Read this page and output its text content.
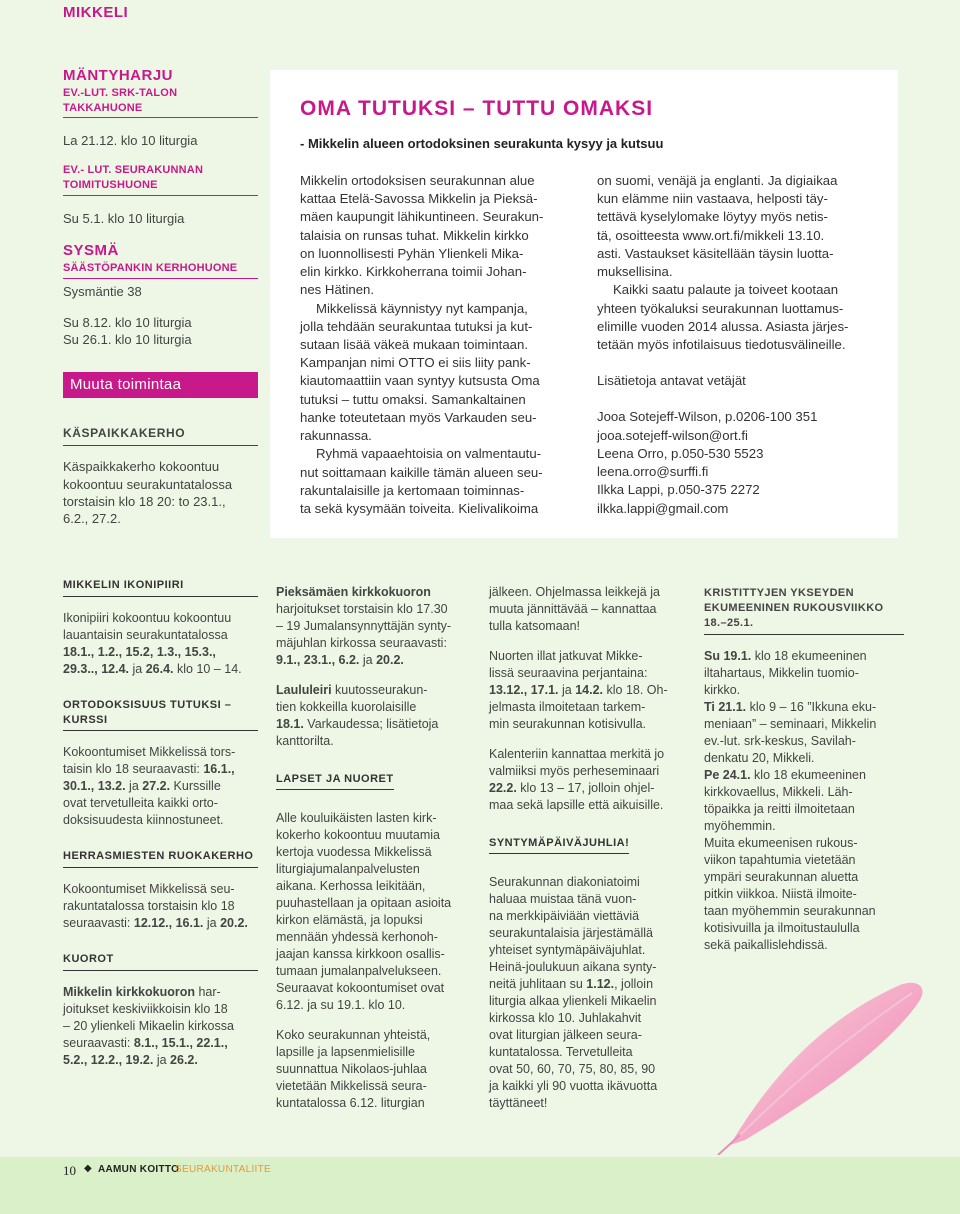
MIKKELI
MÄNTYHARJU
EV.-LUT. SRK-TALON TAKKAHUONE
La 21.12. klo 10 liturgia
EV.- LUT. SEURAKUNNAN
TOIMITUSHUONE
Su 5.1. klo 10 liturgia
SYSMÄ
SÄÄSTÖPANKIN KERHOHUONE
Sysmäntie 38
Su 8.12. klo 10 liturgia
Su 26.1. klo 10 liturgia
Muuta toimintaa
KÄSPAIKKAKERHO
Käspaikkakerho kokoontuu
kokoontuu seurakuntatalossa
torstaisin klo 18 20: to 23.1.,
6.2., 27.2.
OMA TUTUKSI – TUTTU OMAKSI
- Mikkelin alueen ortodoksinen seurakunta kysyy ja kutsuu
Mikkelin ortodoksisen seurakunnan alue
kattaa Etelä-Savossa Mikkelin ja Pieksä-
mäen kaupungit lähikuntineen. Seurakun-
talaisia on runsas tuhat. Mikkelin kirkko
on luonnollisesti Pyhän Ylienkeli Mika-
elin kirkko. Kirkkoherrana toimii Johan-
nes Hätinen.
Mikkelissä käynnistyy nyt kampanja,
jolla tehdään seurakuntaa tutuksi ja kut-
sutaan lisää väkeä mukaan toimintaan.
Kampanjan nimi OTTO ei siis liity pank-
kiautomaattiin vaan syntyy kutsusta Oma
tutuksi – tuttu omaksi. Samankaltainen
hanke toteutetaan myös Varkauden seu-
rakunnassa.
Ryhmä vapaaehtoisia on valmentautu-
nut soittamaan kaikille tämän alueen seu-
rakuntalaisille ja kertomaan toiminnas-
ta sekä kysymään toiveita. Kielivalikoima
on suomi, venäjä ja englanti. Ja digiaikaa
kun elämme niin vastaava, helposti täy-
tettävä kyselylomake löytyy myös netis-
tä, osoitteesta www.ort.fi/mikkeli 13.10.
asti. Vastaukset käsitellään täysin luotta-
muksellisina.
Kaikki saatu palaute ja toiveet kootaan
yhteen työkaluksi seurakunnan luottamus-
elimille vuoden 2014 alussa. Asiasta järjes-
tetään myös infotilaisuus tiedotusvälineille.
Lisätietoja antavat vetäjät
Jooa Sotejeff-Wilson, p.0206-100 351
jooa.sotejeff-wilson@ort.fi
Leena Orro, p.050-530 5523
leena.orro@surffi.fi
Ilkka Lappi, p.050-375 2272
ilkka.lappi@gmail.com
MIKKELIN IKONIPIIRI
Ikonipiiri kokoontuu kokoontuu
lauantaisin seurakuntatalossa
18.1., 1.2., 15.2, 1.3., 15.3.,
29.3.., 12.4. ja 26.4. klo 10 – 14.
ORTODOKSISUUS TUTUKSI –
KURSSI
Kokoontumiset Mikkelissä tors-
taisin klo 18 seuraavasti: 16.1.,
30.1., 13.2. ja 27.2. Kurssille
ovat tervetulleita kaikki orto-
doksisuudesta kiinnostuneet.
HERRASMIESTEN RUOKAKERHO
Kokoontumiset Mikkelissä seu-
rakuntatalossa torstaisin klo 18
seuraavasti: 12.12., 16.1. ja 20.2.
KUOROT
Mikkelin kirkkokuoron har-
joitukset keskiviikkoisin klo 18
– 20 ylienkeli Mikaelin kirkossa
seuraavasti: 8.1., 15.1., 22.1.,
5.2., 12.2., 19.2. ja 26.2.
Pieksämäen kirkkokuoron
harjoitukset torstaisin klo 17.30
– 19 Jumalansynnyttäjän synty-
mäjuhlan kirkossa seuraavasti:
9.1., 23.1., 6.2. ja 20.2.
Laululeiri kuutosseurakun-
tien kokkeilla kuorolaisille
18.1. Varkaudessa; lisätietoja
kanttorilta.
LAPSET JA NUORET
Alle kouluikäisten lasten kirk-
kokerho kokoontuu muutamia
kertoja vuodessa Mikkelissä
liturgiajumalanpalvelusten
aikana. Kerhossa leikitään,
puuhastellaan ja opitaan asioita
kirkon elämästä, ja lopuksi
mennään yhdessä kerhonoh-
jaajan kanssa kirkkoon osallis-
tumaan jumalanpalvelukseen.
Seuraavat kokoontumiset ovat
6.12. ja su 19.1. klo 10.
Koko seurakunnan yhteistä,
lapsille ja lapsenmielisille
suunnattua Nikolaos-juhlaa
vietetään Mikkelissä seura-
kuntatalossa 6.12. liturgian
jälkeen. Ohjelmassa leikkejä ja
muuta jännittävää – kannattaa
tulla katsomaan!
Nuorten illat jatkuvat Mikke-
lissä seuraavina perjantaina:
13.12., 17.1. ja 14.2. klo 18. Oh-
jelmasta ilmoitetaan tarkem-
min seurakunnan kotisivulla.
Kalenteriin kannattaa merkitä jo
valmiiksi myös perheseminaari
22.2. klo 13 – 17, jolloin ohjel-
maa sekä lapsille että aikuisille.
SYNTYMÄPÄIVÄJUHLIA!
Seurakunnan diakoniatoimi
haluaa muistaa tänä vuon-
na merkkipäiviään viettäviä
seurakuntalaisia järjestämällä
yhteiset syntymäpäiväjuhlat.
Heinä-joulukuun aikana synty-
neitä juhlitaan su 1.12., jolloin
liturgia alkaa ylienkeli Mikaelin
kirkossa klo 10. Juhlakahvit
ovat liturgian jälkeen seura-
kuntatalossa. Tervetulleita
ovat 50, 60, 70, 75, 80, 85, 90
ja kaikki yli 90 vuotta ikävuotta
täyttäneet!
KRISTITTYJEN YKSEYDEN
EKUMEENINEN RUKOUSVIIKKO
18.–25.1.
Su 19.1. klo 18 ekumeeninen
iltahartaus, Mikkelin tuomio-
kirkko.
Ti 21.1. klo 9 – 16 ”Ikkuna eku-
meniaan” – seminaari, Mikkelin
ev.-lut. srk-keskus, Savilah-
denkatu 20, Mikkeli.
Pe 24.1. klo 18 ekumeeninen
kirkkovaellus, Mikkeli. Läh-
töpaikka ja reitti ilmoitetaan
myöhemmin.
Muita ekumeenisen rukous-
viikon tapahtumia vietetään
ympäri seurakunnan aluetta
pitkin viikkoa. Niistä ilmoite-
taan myöhemmin seurakunnan
kotisivuilla ja ilmoitustaululla
sekä paikallislehdissä.
10 ◆ AAMUN KOITTO
SEURAKUNTALIITE
